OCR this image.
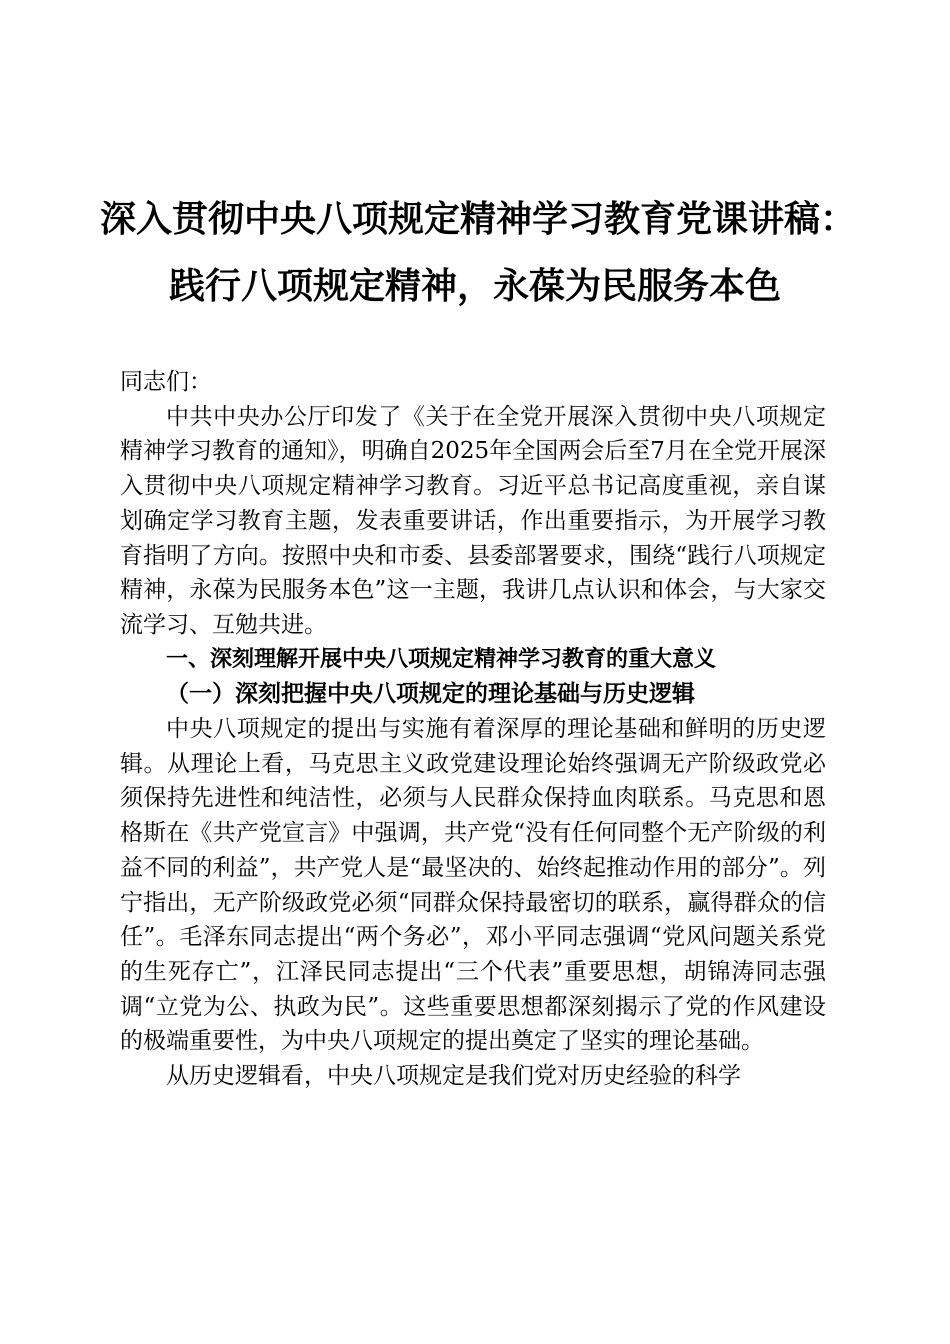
深入贯彻中央八项规定精神学习教育党课讲稿：
践行八项规定精神，永葆为民服务本色

同志们：

中共中央办公厅印发了《关于在全党开展深入贯彻中央八项规定精神学习教育的通知》，明确自2025年全国两会后至7月在全党开展深入贯彻中央八项规定精神学习教育。习近平总书记高度重视，亲自谋划确定学习教育主题，发表重要讲话，作出重要指示，为开展学习教育指明了方向。按照中央和市委、县委部署要求，围绕“践行八项规定精神，永葆为民服务本色”这一主题，我讲几点认识和体会，与大家交流学习、互勉共进。

一、深刻理解开展中央八项规定精神学习教育的重大意义

（一）深刻把握中央八项规定的理论基础与历史逻辑

中央八项规定的提出与实施有着深厚的理论基础和鲜明的历史逻辑。从理论上看，马克思主义政党建设理论始终强调无产阶级政党必须保持先进性和纯洁性，必须与人民群众保持血肉联系。马克思和恩格斯在《共产党宣言》中强调，共产党“没有任何同整个无产阶级的利益不同的利益”，共产党人是“最坚决的、始终起推动作用的部分”。列宁指出，无产阶级政党必须“同群众保持最密切的联系，赢得群众的信任”。毛泽东同志提出“两个务必”，邓小平同志强调“党风问题关系党的生死存亡”，江泽民同志提出“三个代表”重要思想，胡锦涛同志强调“立党为公、执政为民”。这些重要思想都深刻揭示了党的作风建设的极端重要性，为中央八项规定的提出奠定了坚实的理论基础。

从历史逻辑看，中央八项规定是我们党对历史经验的科学
